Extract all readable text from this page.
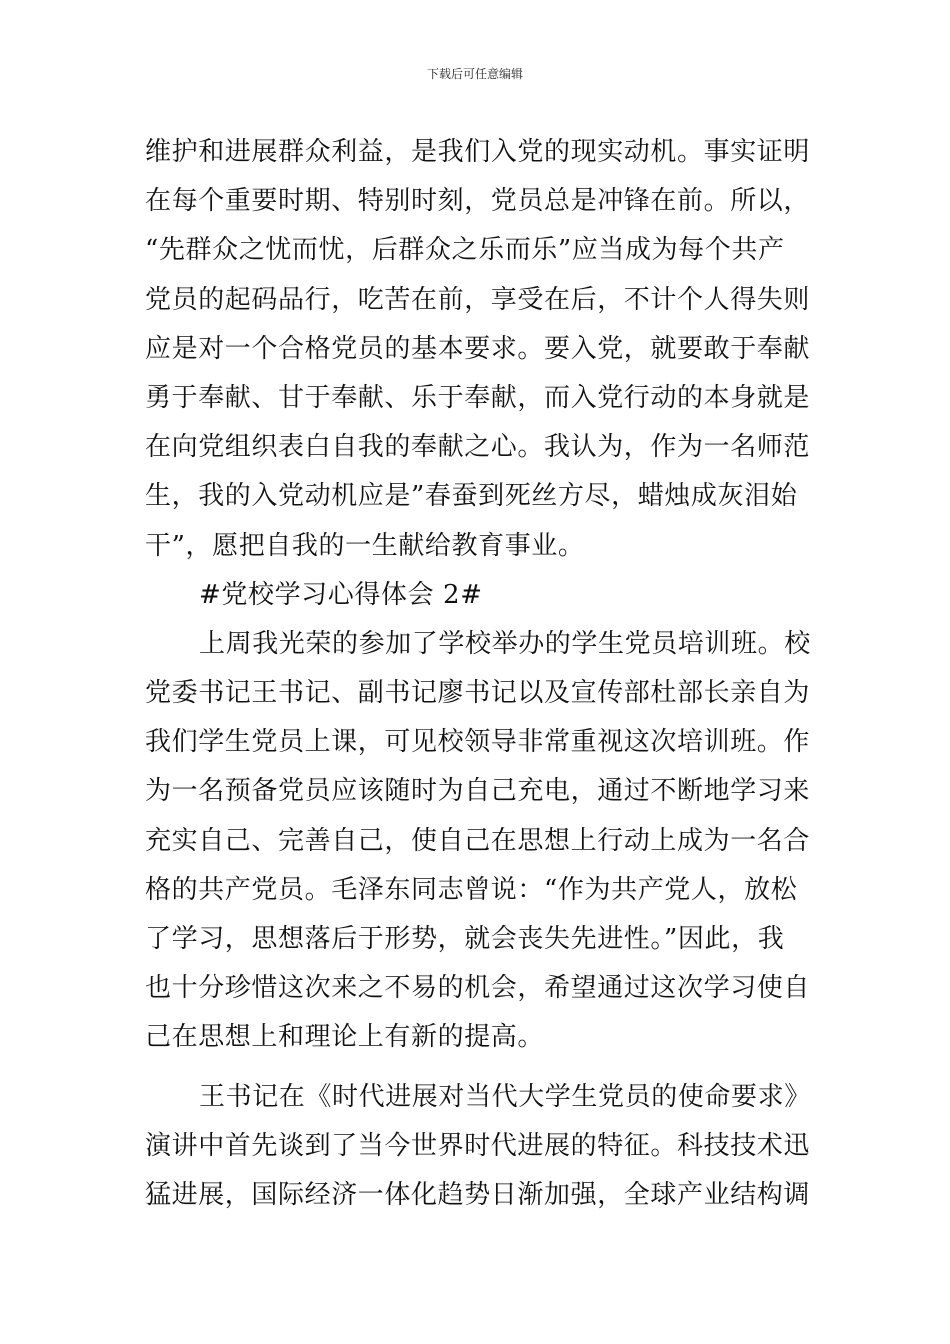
下载后可任意编辑
维护和进展群众利益，是我们入党的现实动机。事实证明
在每个重要时期、特别时刻，党员总是冲锋在前。所以，
“先群众之忧而忧，后群众之乐而乐”应当成为每个共产
党员的起码品行，吃苦在前，享受在后，不计个人得失则
应是对一个合格党员的基本要求。要入党，就要敢于奉献
勇于奉献、甘于奉献、乐于奉献，而入党行动的本身就是
在向党组织表白自我的奉献之心。我认为，作为一名师范
生，我的入党动机应是”春蚕到死丝方尽，蜡烛成灰泪始
干”，愿把自我的一生献给教育事业。
#党校学习心得体会 2#
上周我光荣的参加了学校举办的学生党员培训班。校
党委书记王书记、副书记廖书记以及宣传部杜部长亲自为
我们学生党员上课，可见校领导非常重视这次培训班。作
为一名预备党员应该随时为自己充电，通过不断地学习来
充实自己、完善自己，使自己在思想上行动上成为一名合
格的共产党员。毛泽东同志曾说：“作为共产党人，放松
了学习，思想落后于形势，就会丧失先进性。”因此，我
也十分珍惜这次来之不易的机会，希望通过这次学习使自
己在思想上和理论上有新的提高。
王书记在《时代进展对当代大学生党员的使命要求》
演讲中首先谈到了当今世界时代进展的特征。科技技术迅
猛进展，国际经济一体化趋势日渐加强，全球产业结构调
